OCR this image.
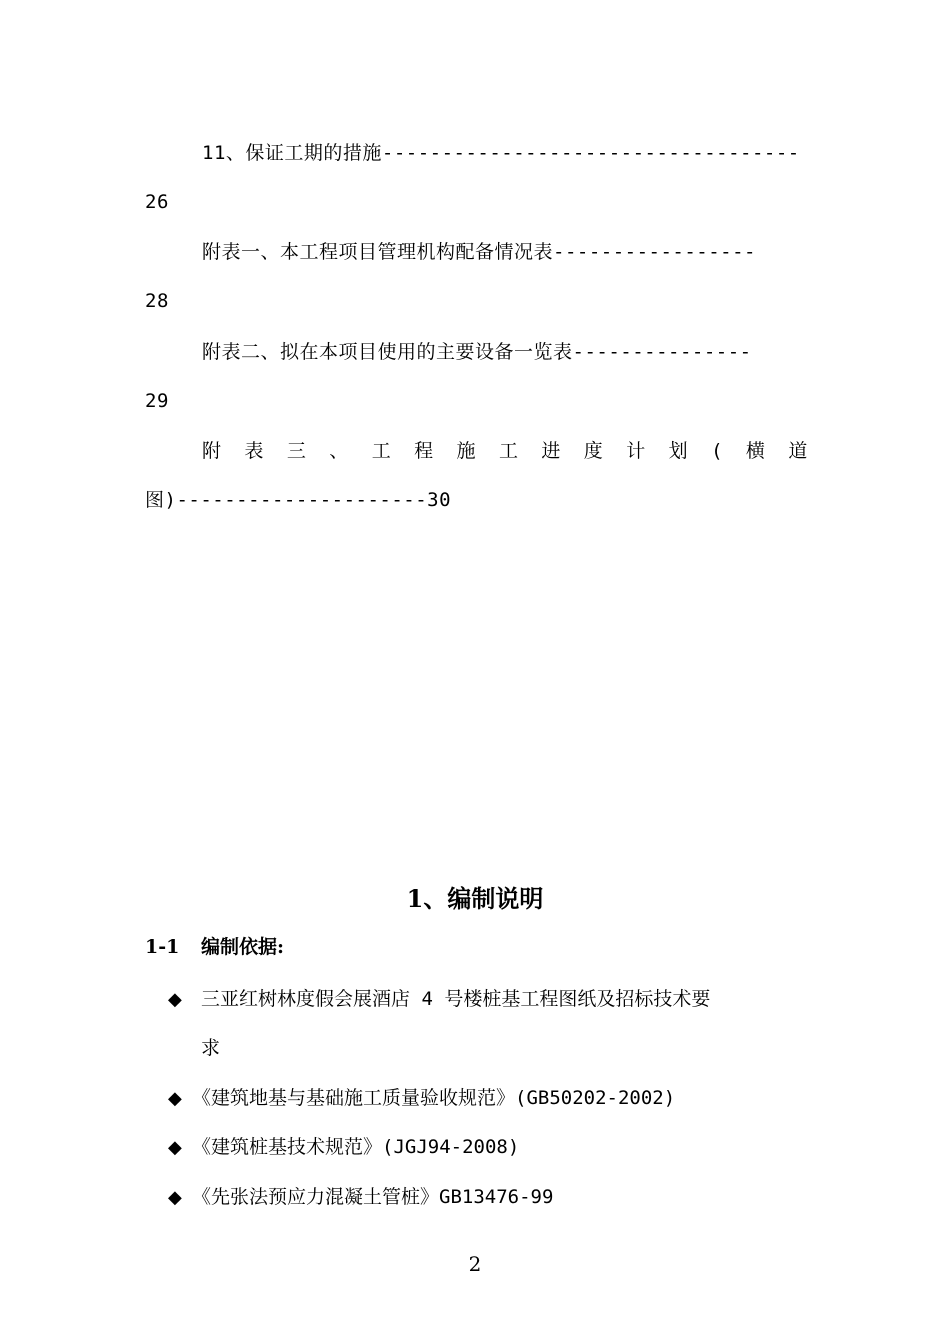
11、保证工期的措施-----------------------------------
26
附表一、本工程项目管理机构配备情况表-----------------
28
附表二、拟在本项目使用的主要设备一览表---------------
29
附 表 三 、 工 程 施 工 进 度 计 划 ( 横 道
图)---------------------30
1、编制说明
1-1 编制依据:
◆ 三亚红树林度假会展酒店 4 号楼桩基工程图纸及招标技术要
求
◆ 《建筑地基与基础施工质量验收规范》(GB50202-2002)
◆ 《建筑桩基技术规范》(JGJ94-2008)
◆ 《先张法预应力混凝土管桩》GB13476-99
2
